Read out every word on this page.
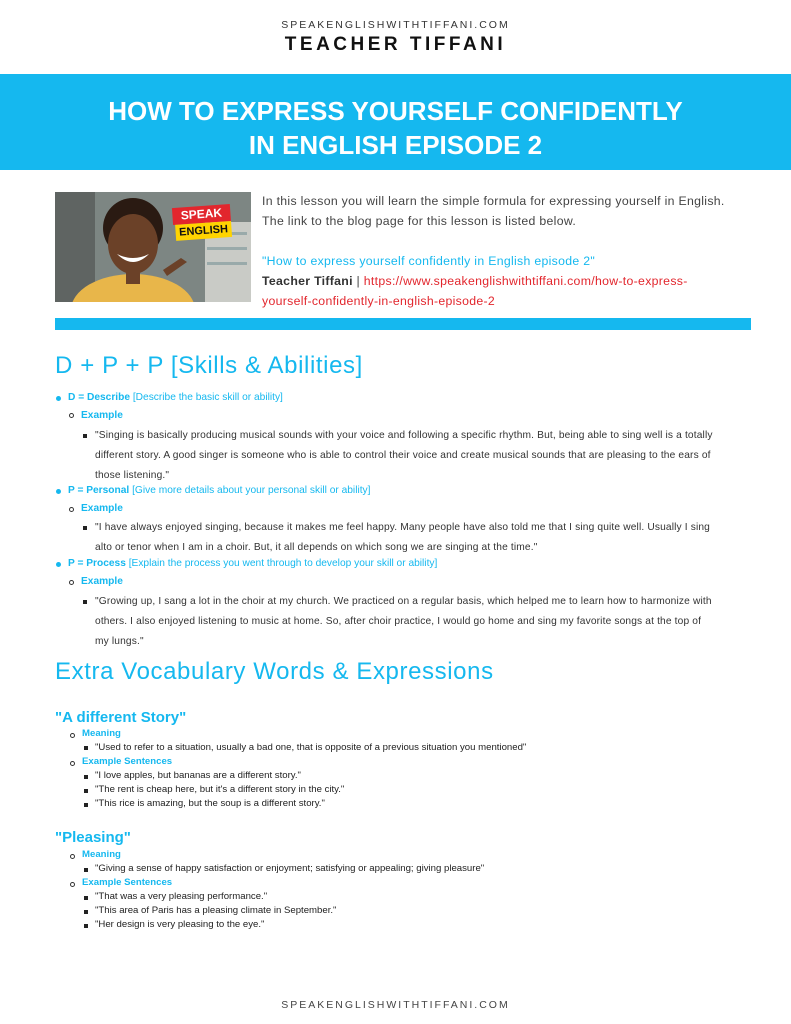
SPEAKENGLISHWITHTIFFANI.COM
TEACHER TIFFANI
HOW TO EXPRESS YOURSELF CONFIDENTLY
IN ENGLISH EPISODE 2
SPEAK
ENGLISH

In this lesson you will learn the simple formula for expressing yourself in English.

The link to the blog page for this lesson is listed below.

"How to express yourself confidently in English episode 2"

Teacher Tiffani | https://www.speakenglishwithtiffani.com/how-to-express-

yourself-confidently-in-english-episode-2

D + P + P [Skills & Abilities]
D = Describe [Describe the basic skill or ability]
Example
"Singing is basically producing musical sounds with your voice and following a specific rhythm. But, being able to sing well is a totally
different story. A good singer is someone who is able to control their voice and create musical sounds that are pleasing to the ears of
those listening."
P = Personal [Give more details about your personal skill or ability]
Example
"I have always enjoyed singing, because it makes me feel happy. Many people have also told me that I sing quite well. Usually I sing
alto or tenor when I am in a choir. But, it all depends on which song we are singing at the time."
P = Process [Explain the process you went through to develop your skill or ability]
Example
"Growing up, I sang a lot in the choir at my church. We practiced on a regular basis, which helped me to learn how to harmonize with
others. I also enjoyed listening to music at home. So, after choir practice, I would go home and sing my favorite songs at the top of
my lungs."
Extra Vocabulary Words & Expressions
"A different Story"
Meaning
"Used to refer to a situation, usually a bad one, that is opposite of a previous situation you mentioned"
Example Sentences
"I love apples, but bananas are a different story."
"The rent is cheap here, but it's a different story in the city."
"This rice is amazing, but the soup is a different story."
"Pleasing"
Meaning
"Giving a sense of happy satisfaction or enjoyment; satisfying or appealing; giving pleasure"
Example Sentences
"That was a very pleasing performance."
"This area of Paris has a pleasing climate in September."
"Her design is very pleasing to the eye."
SPEAKENGLISHWITHTIFFANI.COM
